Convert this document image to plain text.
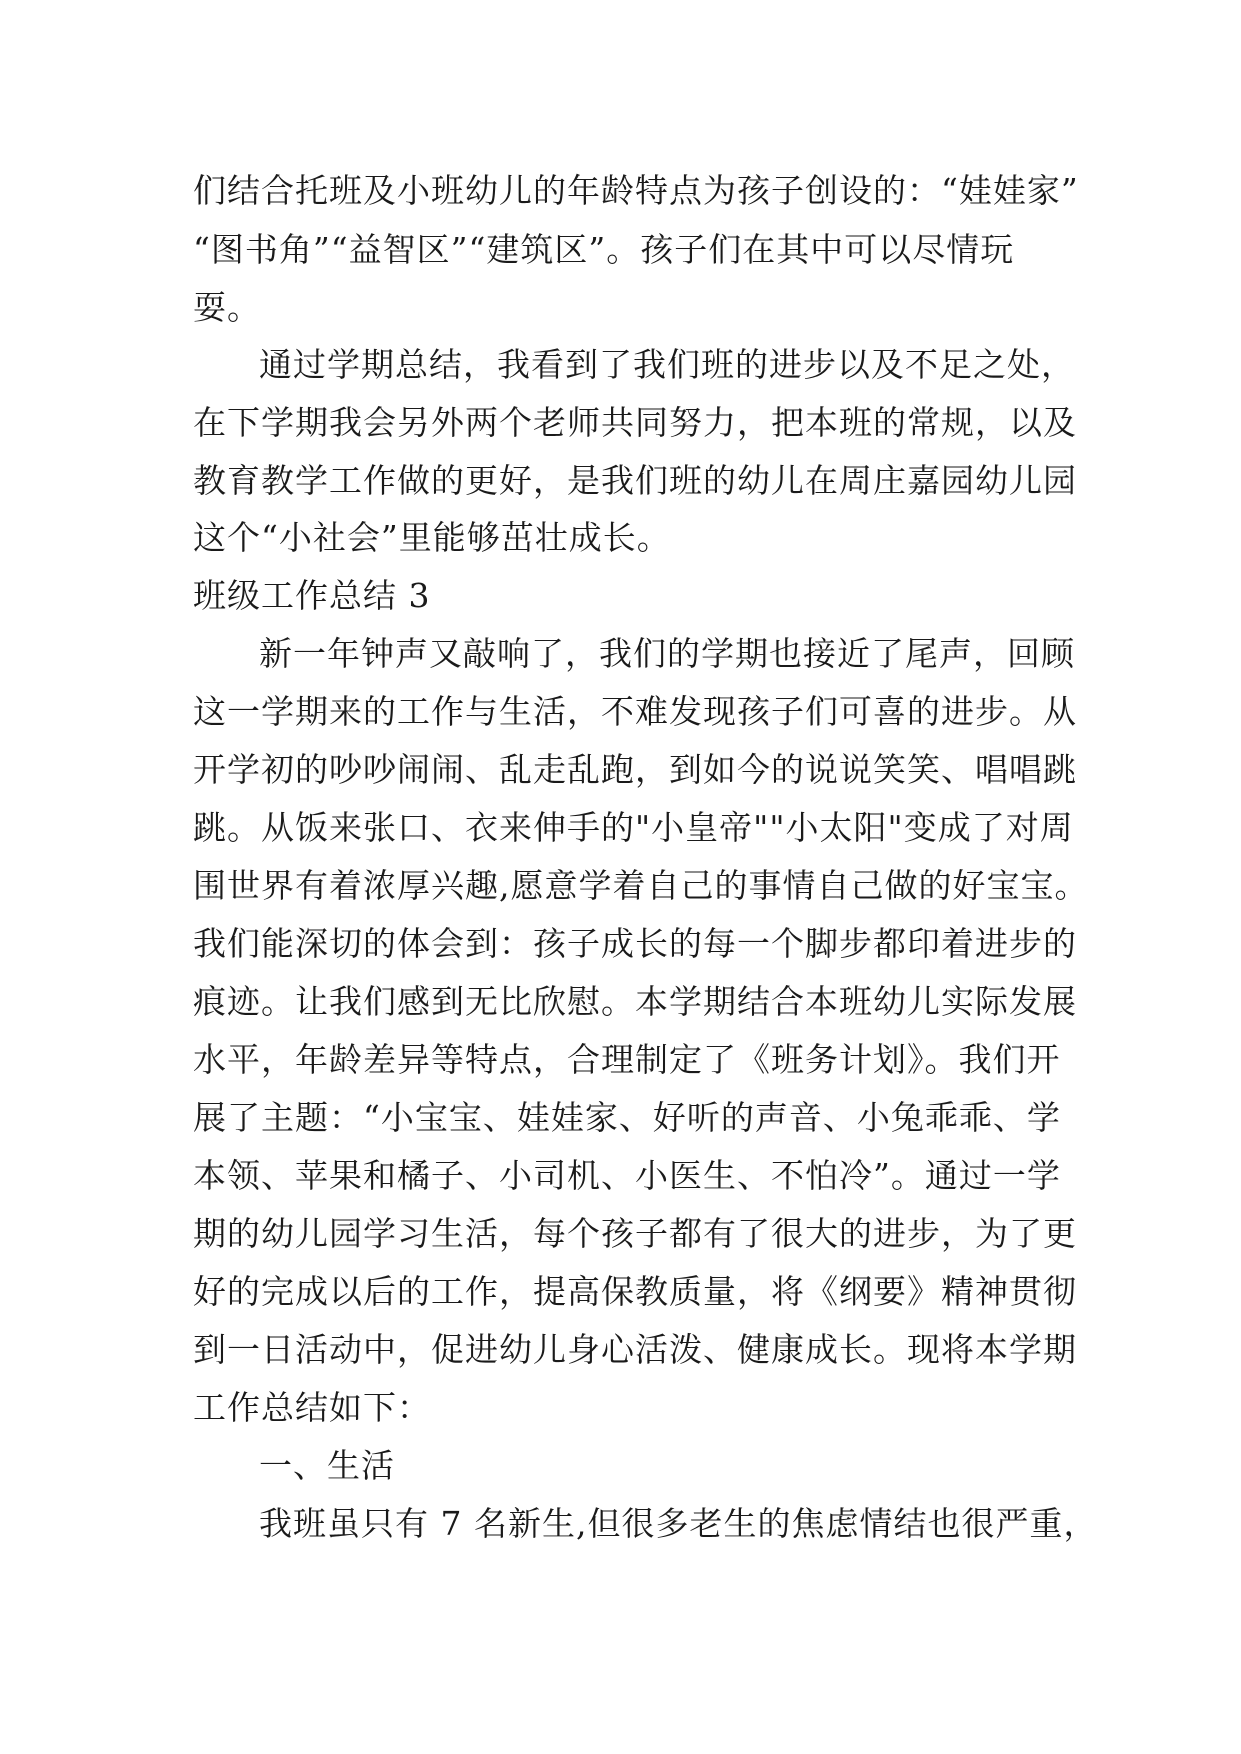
们结合托班及小班幼儿的年龄特点为孩子创设的：“娃娃家”
“图书角”“益智区”“建筑区”。孩子们在其中可以尽情玩
耍。
通过学期总结，我看到了我们班的进步以及不足之处，
在下学期我会另外两个老师共同努力，把本班的常规，以及
教育教学工作做的更好，是我们班的幼儿在周庄嘉园幼儿园
这个“小社会”里能够茁壮成长。
班级工作总结 3
新一年钟声又敲响了，我们的学期也接近了尾声，回顾
这一学期来的工作与生活，不难发现孩子们可喜的进步。从
开学初的吵吵闹闹、乱走乱跑，到如今的说说笑笑、唱唱跳
跳。从饭来张口、衣来伸手的"小皇帝""小太阳"变成了对周
围世界有着浓厚兴趣,愿意学着自己的事情自己做的好宝宝。
我们能深切的体会到：孩子成长的每一个脚步都印着进步的
痕迹。让我们感到无比欣慰。本学期结合本班幼儿实际发展
水平，年龄差异等特点，合理制定了《班务计划》。我们开
展了主题：“小宝宝、娃娃家、好听的声音、小兔乖乖、学
本领、苹果和橘子、小司机、小医生、不怕冷”。通过一学
期的幼儿园学习生活，每个孩子都有了很大的进步，为了更
好的完成以后的工作，提高保教质量，将《纲要》精神贯彻
到一日活动中，促进幼儿身心活泼、健康成长。现将本学期
工作总结如下：
一、生活
我班虽只有 7 名新生,但很多老生的焦虑情结也很严重，
